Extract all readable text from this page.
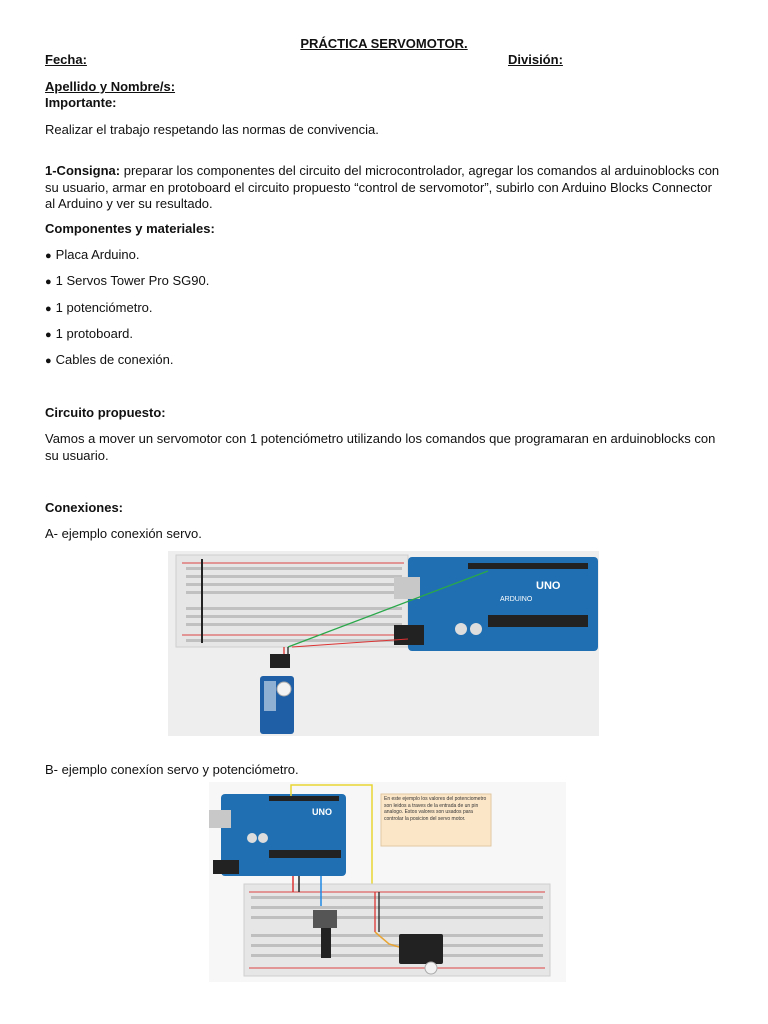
PRÁCTICA SERVOMOTOR.
Fecha:	División:
Apellido y Nombre/s:
Importante:
Realizar el trabajo respetando las normas de convivencia.
1-Consigna: preparar los componentes del circuito del microcontrolador, agregar los comandos al arduinoblocks con su usuario, armar en protoboard el circuito propuesto “control de servomotor”, subirlo con Arduino Blocks Connector al Arduino y ver su resultado.
Componentes y materiales:
● Placa Arduino.
● 1 Servos Tower Pro SG90.
● 1 potenciómetro.
● 1 protoboard.
● Cables de conexión.
Circuito propuesto:
Vamos a mover un servomotor con 1 potenciómetro utilizando los comandos que programaran en arduinoblocks con su usuario.
Conexiones:
A- ejemplo conexión servo.
UNO
ARDUINO
B- ejemplo conexíon servo y potenciómetro.
UNO
En este ejemplo los valores del potenciometro son leidos a traves de la entrada de un pin analogo. Estos valores son usados para controlar la posicion del servo motor.
